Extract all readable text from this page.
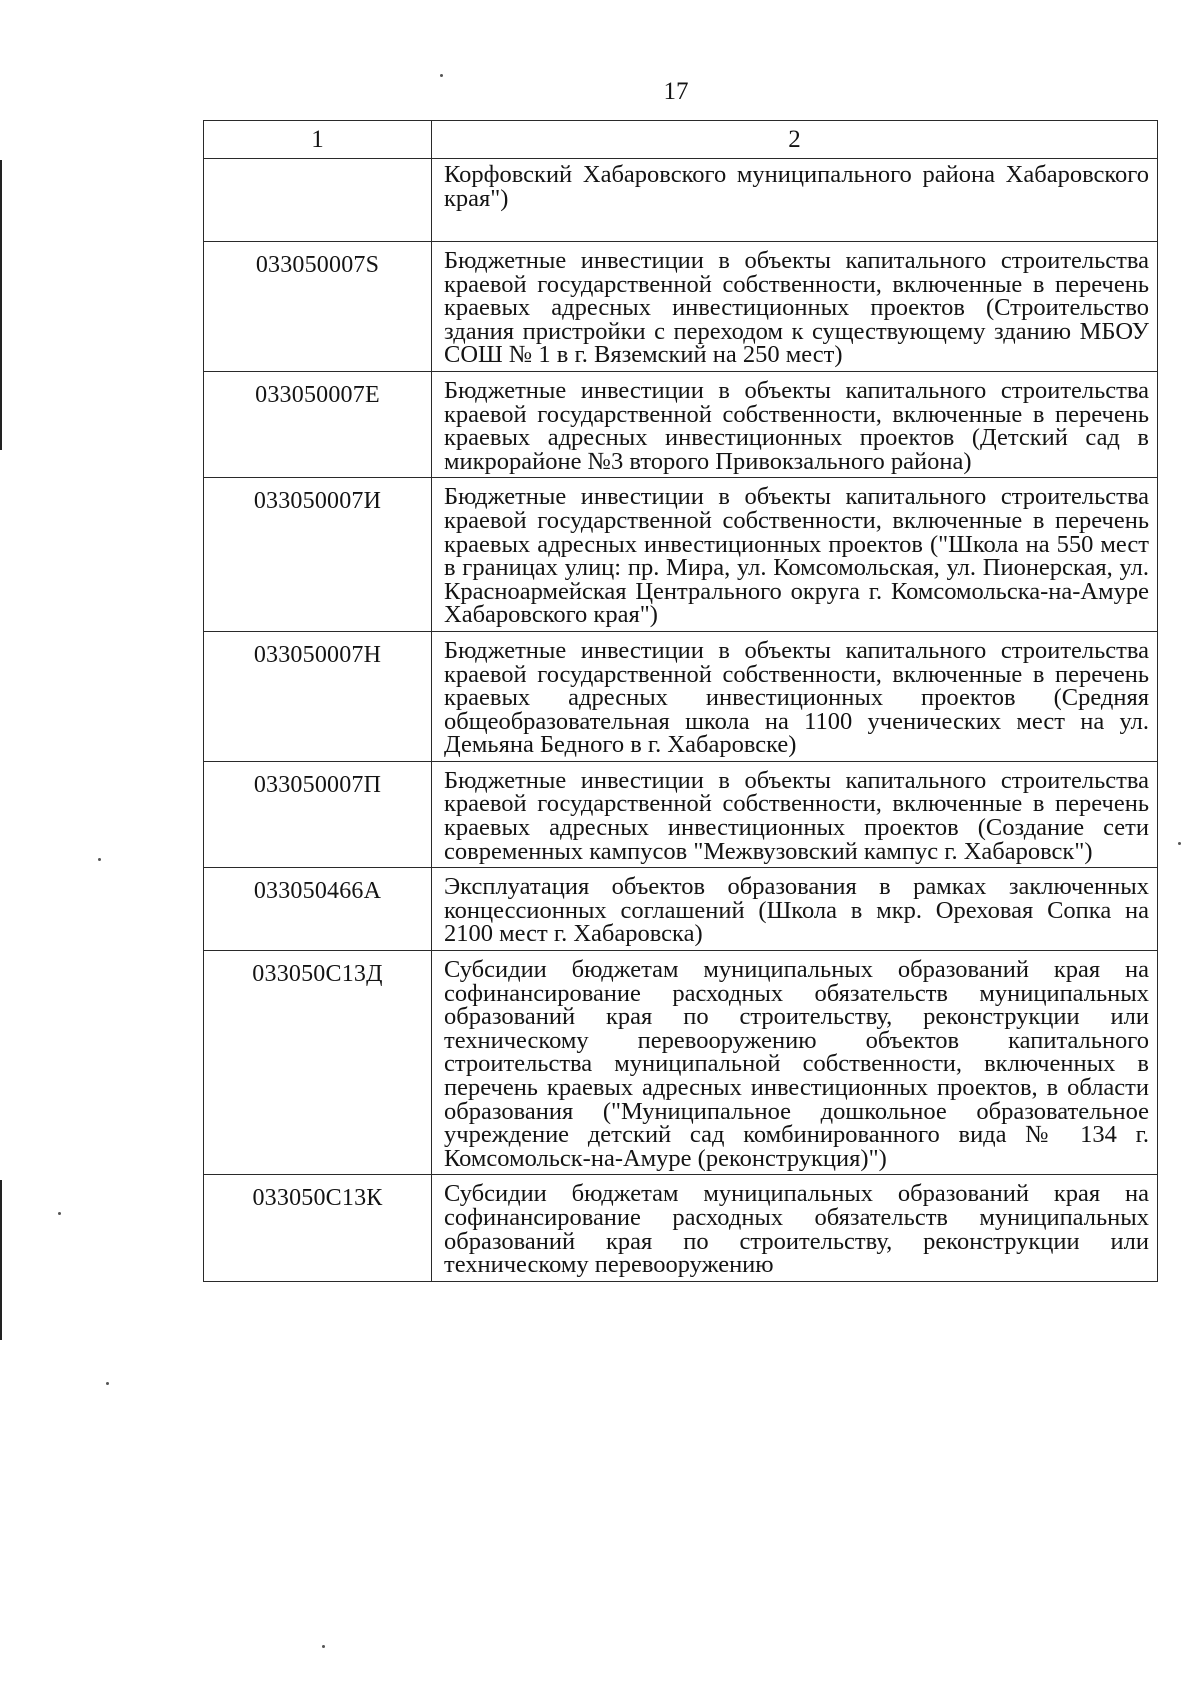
17
1	2
	Корфовский Хабаровского муниципального района Хабаровского края")
033050007S	Бюджетные инвестиции в объекты капитального строительства краевой государственной собственности, включенные в перечень краевых адресных инвестиционных проектов (Строительство здания пристройки с переходом к существующему зданию МБОУ СОШ № 1 в г. Вяземский на 250 мест)
033050007E	Бюджетные инвестиции в объекты капитального строительства краевой государственной собственности, включенные в перечень краевых адресных инвестиционных проектов (Детский сад в микрорайоне №3 второго Привокзального района)
033050007И	Бюджетные инвестиции в объекты капитального строительства краевой государственной собственности, включенные в перечень краевых адресных инвестиционных проектов ("Школа на 550 мест в границах улиц: пр. Мира, ул. Комсомольская, ул. Пионерская, ул. Красноармейская Центрального округа г. Комсомольска-на-Амуре Хабаровского края")
033050007H	Бюджетные инвестиции в объекты капитального строительства краевой государственной собственности, включенные в перечень краевых адресных инвестиционных проектов (Средняя общеобразовательная школа на 1100 ученических мест на ул. Демьяна Бедного в г. Хабаровске)
033050007П	Бюджетные инвестиции в объекты капитального строительства краевой государственной собственности, включенные в перечень краевых адресных инвестиционных проектов (Создание сети современных кампусов "Межвузовский кампус г. Хабаровск")
033050466A	Эксплуатация объектов образования в рамках заключенных концессионных соглашений (Школа в мкр. Ореховая Сопка на 2100 мест г. Хабаровска)
033050С13Д	Субсидии бюджетам муниципальных образований края на софинансирование расходных обязательств муниципальных образований края по строительству, реконструкции или техническому перевооружению объектов капитального строительства муниципальной собственности, включенных в перечень краевых адресных инвестиционных проектов, в области образования ("Муниципальное дошкольное образовательное учреждение детский сад комбинированного вида № 134 г. Комсомольск-на-Амуре (реконструкция)")
033050С13К	Субсидии бюджетам муниципальных образований края на софинансирование расходных обязательств муниципальных образований края по строительству, реконструкции или техническому перевооружению
